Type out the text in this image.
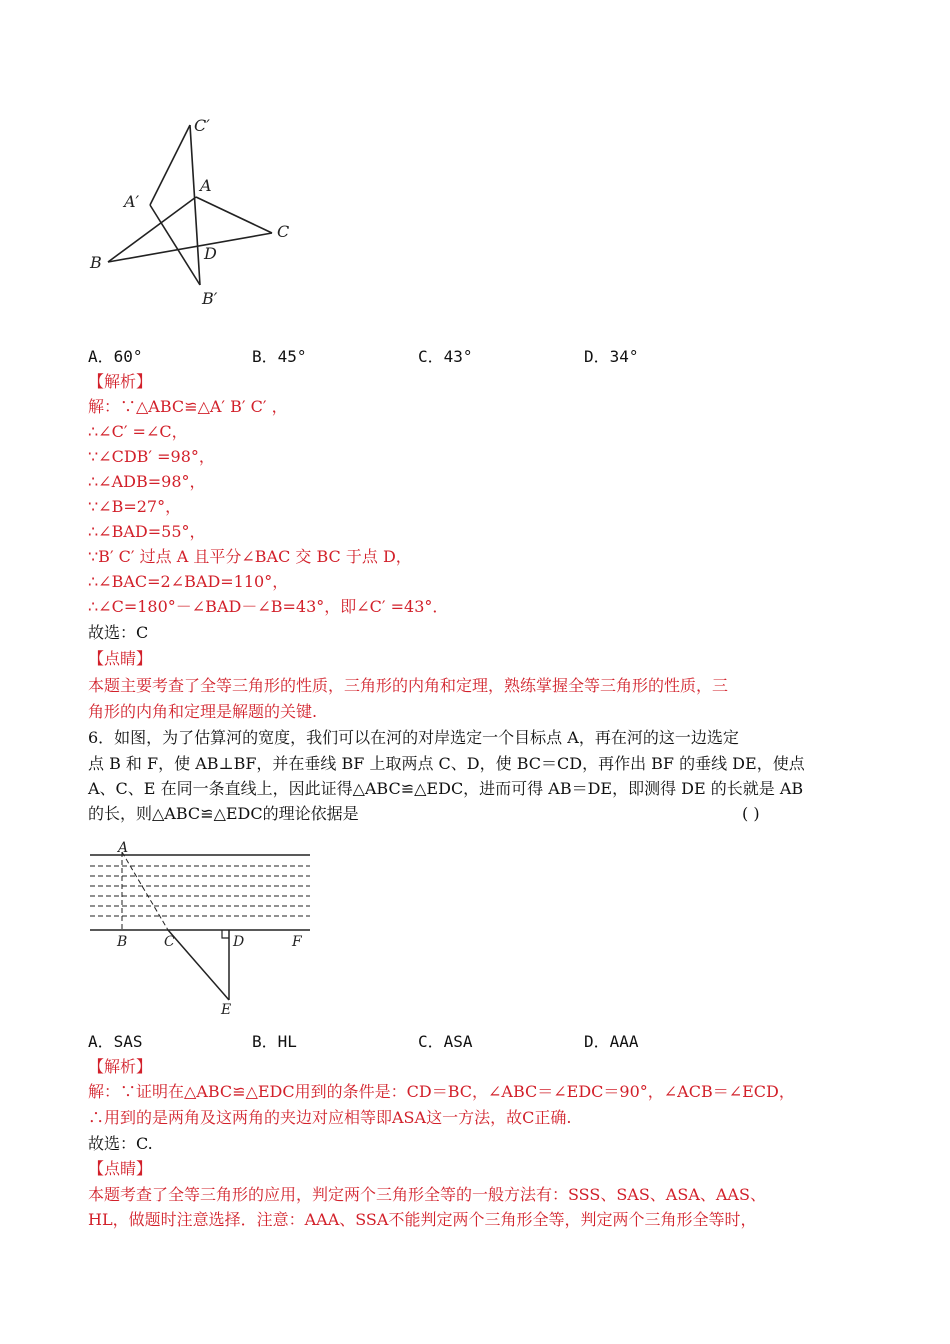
C′
A
A′
C
B	D
B′
A．60°	B．45°	C．43°	D．34°
【解析】
解：∵△ABC≌△A′ B′ C′ ，
∴∠C′ =∠C，
∵∠CDB′ =98°，
∴∠ADB=98°，
∵∠B=27°，
∴∠BAD=55°，
∵B′ C′ 过点 A 且平分∠BAC 交 BC 于点 D，
∴∠BAC=2∠BAD=110°，
∴∠C=180°－∠BAD－∠B=43°，即∠C′ =43°．
故选：C
【点睛】
本题主要考查了全等三角形的性质，三角形的内角和定理，熟练掌握全等三角形的性质，三
角形的内角和定理是解题的关键.
6．如图，为了估算河的宽度，我们可以在河的对岸选定一个目标点 A，再在河的这一边选定
点 B 和 F，使 AB⊥BF，并在垂线 BF 上取两点 C、D，使 BC＝CD，再作出 BF 的垂线 DE，使点
A、C、E 在同一条直线上，因此证得△ABC≌△EDC，进而可得 AB＝DE，即测得 DE 的长就是 AB
的长，则△ABC≌△EDC的理论依据是	( )
A
B	C	D	F
E
A．SAS	B．HL	C．ASA	D．AAA
【解析】
解：∵证明在△ABC≌△EDC用到的条件是：CD＝BC，∠ABC＝∠EDC＝90°，∠ACB＝∠ECD，
∴用到的是两角及这两角的夹边对应相等即ASA这一方法，故C正确.
故选：C.
【点睛】
本题考查了全等三角形的应用，判定两个三角形全等的一般方法有：SSS、SAS、ASA、AAS、
HL，做题时注意选择．注意：AAA、SSA不能判定两个三角形全等，判定两个三角形全等时，
